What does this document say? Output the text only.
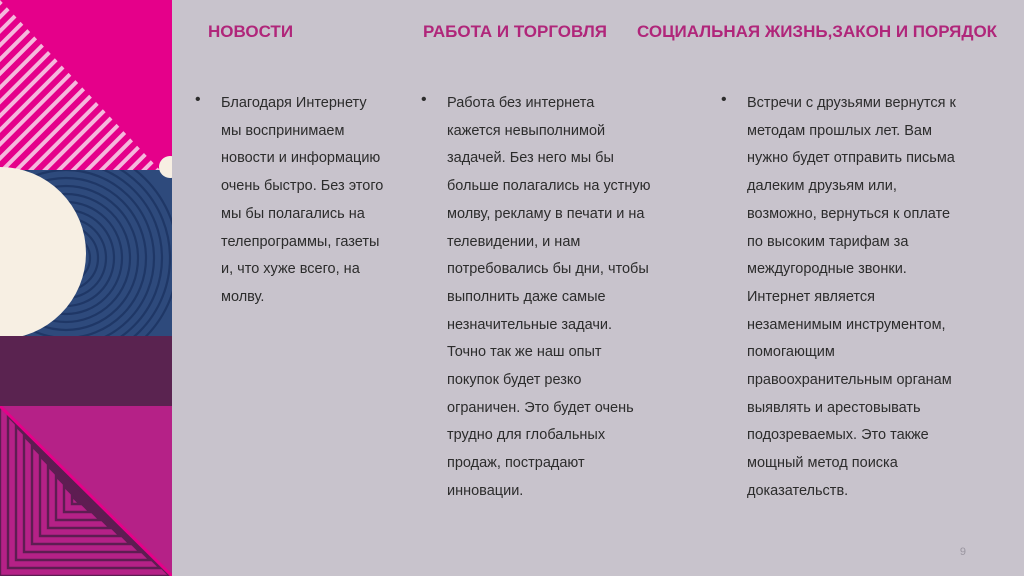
НОВОСТИ	РАБОТА И ТОРГОВЛЯ СОЦИАЛЬНАЯ ЖИЗНЬ,ЗАКОН И ПОРЯДОК
• Благодаря Интернету мы воспринимаем новости и информацию очень быстро. Без этого мы бы полагались на телепрограммы, газеты и, что хуже всего, на молву.
• Работа без интернета кажется невыполнимой задачей. Без него мы бы больше полагались на устную молву, рекламу в печати и на телевидении, и нам потребовались бы дни, чтобы выполнить даже самые незначительные задачи. Точно так же наш опыт покупок будет резко ограничен. Это будет очень трудно для глобальных продаж, пострадают инновации.
• Встречи с друзьями вернутся к методам прошлых лет. Вам нужно будет отправить письма далеким друзьям или, возможно, вернуться к оплате по высоким тарифам за междугородные звонки. Интернет является незаменимым инструментом, помогающим правоохранительным органам выявлять и арестовывать подозреваемых. Это также мощный метод поиска доказательств.
9
